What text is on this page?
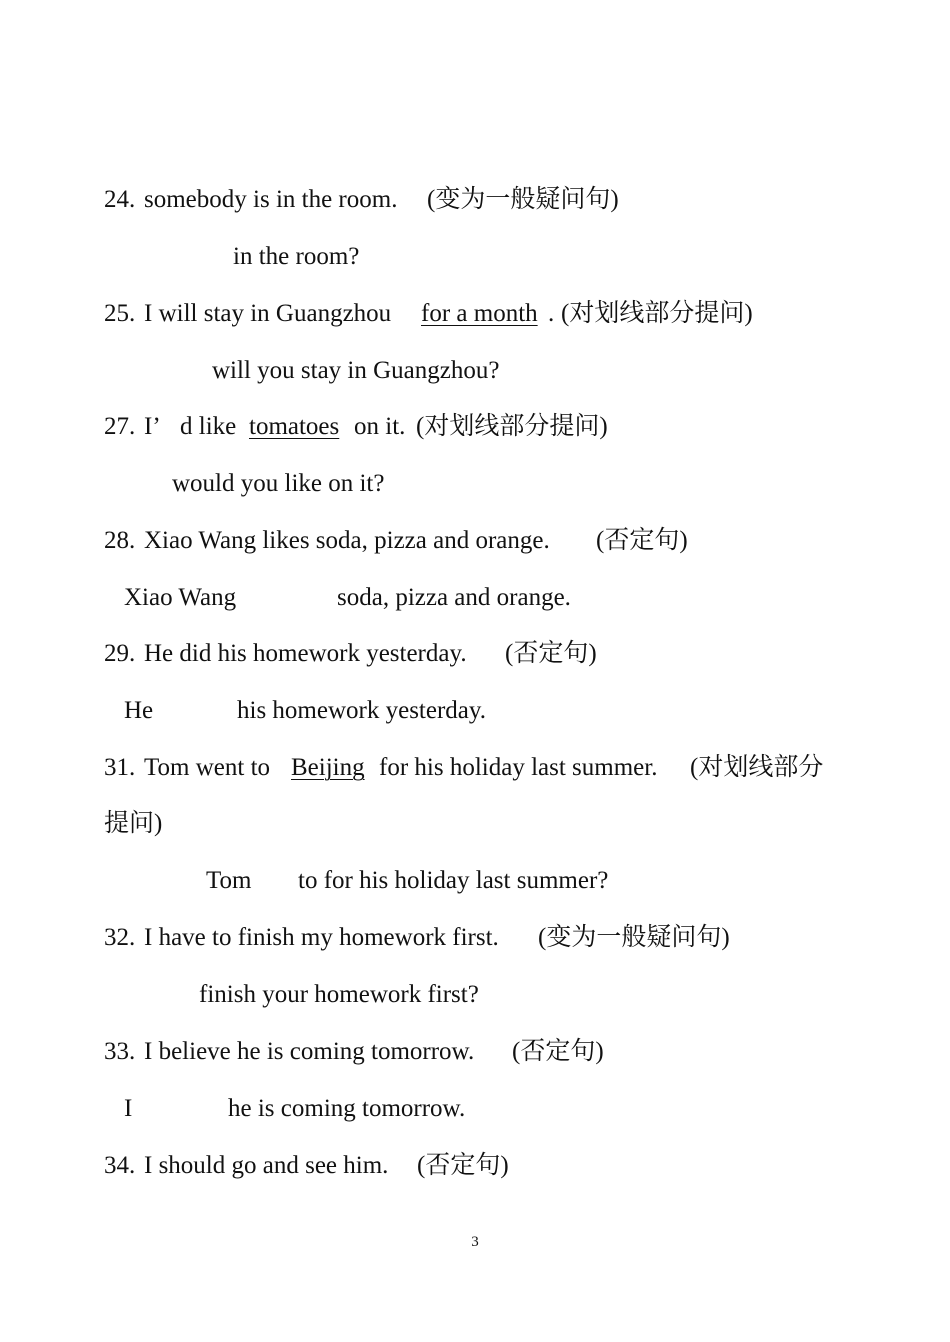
24. somebody is in the room. (变为一般疑问句)
in the room?
25. I will stay in Guangzhou for a month . (对划线部分提问)
will you stay in Guangzhou?
27. I’ d like tomatoes on it. (对划线部分提问)
would you like on it?
28. Xiao Wang likes soda, pizza and orange. (否定句)
Xiao Wang	soda, pizza and orange.
29. He did his homework yesterday. (否定句)
He	his homework yesterday.
31. Tom went to Beijing for his holiday last summer. (对划线部分
提问)
Tom to for his holiday last summer?
32. I have to finish my homework first. (变为一般疑问句)
finish your homework first?
33. I believe he is coming tomorrow. (否定句)
I	he is coming tomorrow.
34. I should go and see him. (否定句)
3
